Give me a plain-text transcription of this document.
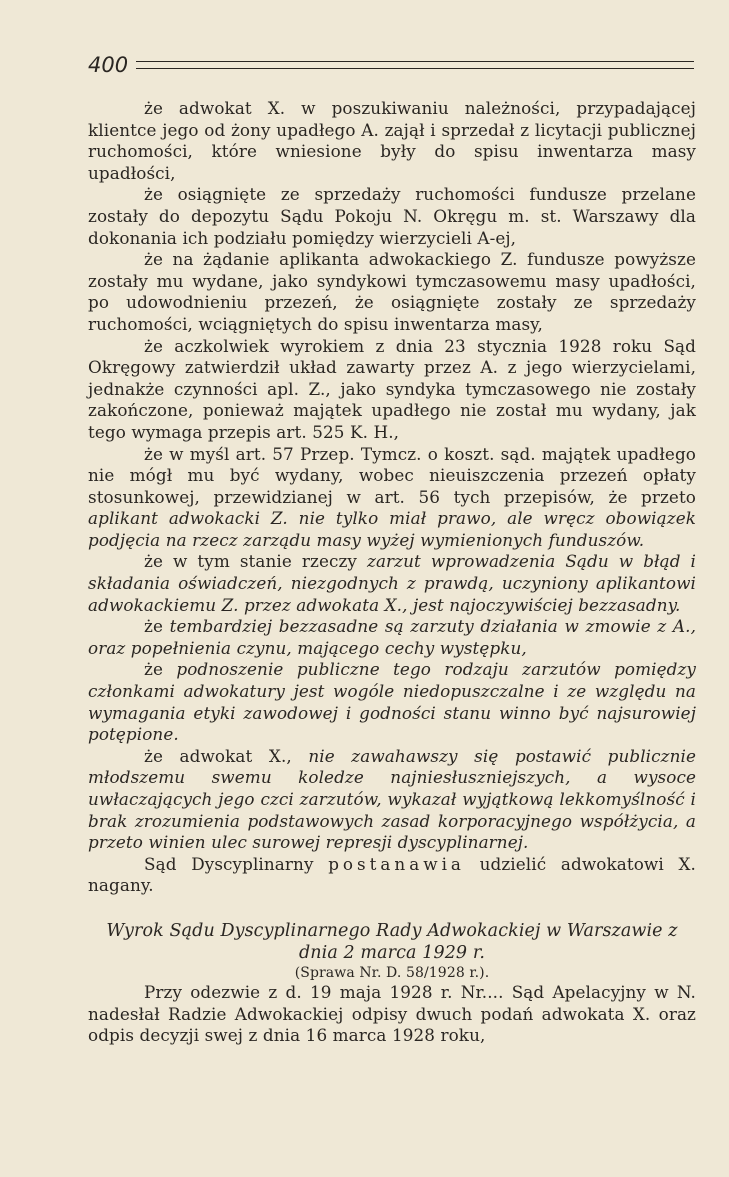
400

że adwokat X. w poszukiwaniu należności, przypadającej klientce jego od żony upadłego A. zajął i sprzedał z licytacji publicznej ruchomości, które wniesione były do spisu inwentarza masy upadłości,

że osiągnięte ze sprzedaży ruchomości fundusze przelane zostały do depozytu Sądu Pokoju N. Okręgu m. st. Warszawy dla dokonania ich podziału pomiędzy wierzycieli A-ej,

że na żądanie aplikanta adwokackiego Z. fundusze powyższe zostały mu wydane, jako syndykowi tymczasowemu masy upadłości, po udowodnieniu przezeń, że osiągnięte zostały ze sprzedaży ruchomości, wciągniętych do spisu inwentarza masy,

że aczkolwiek wyrokiem z dnia 23 stycznia 1928 roku Sąd Okręgowy zatwierdził układ zawarty przez A. z jego wierzycielami, jednakże czynności apl. Z., jako syndyka tymczasowego nie zostały zakończone, ponieważ majątek upadłego nie został mu wydany, jak tego wymaga przepis art. 525 K. H.,

że w myśl art. 57 Przep. Tymcz. o koszt. sąd. majątek upadłego nie mógł mu być wydany, wobec nieuiszczenia przezeń opłaty stosunkowej, przewidzianej w art. 56 tych przepisów, że przeto aplikant adwokacki Z. nie tylko miał prawo, ale wręcz obowiązek podjęcia na rzecz zarządu masy wyżej wymienionych funduszów.

że w tym stanie rzeczy zarzut wprowadzenia Sądu w błąd i składania oświadczeń, niezgodnych z prawdą, uczyniony aplikantowi adwokackiemu Z. przez adwokata X., jest najoczywiściej bezzasadny.

że tembardziej bezzasadne są zarzuty działania w zmowie z A., oraz popełnienia czynu, mającego cechy występku,

że podnoszenie publiczne tego rodzaju zarzutów pomiędzy członkami adwokatury jest wogóle niedopuszczalne i ze względu na wymagania etyki zawodowej i godności stanu winno być najsurowiej potępione.

że adwokat X., nie zawahawszy się postawić publicznie młodszemu swemu koledze najniesłuszniejszych, a wysoce uwłaczających jego czci zarzutów, wykazał wyjątkową lekkomyślność i brak zrozumienia podstawowych zasad korporacyjnego współżycia, a przeto winien ulec surowej represji dyscyplinarnej.

Sąd Dyscyplinarny postanawia udzielić adwokatowi X. nagany.

Wyrok Sądu Dyscyplinarnego Rady Adwokackiej w Warszawie z dnia 2 marca 1929 r.

(Sprawa Nr. D. 58/1928 r.).

Przy odezwie z d. 19 maja 1928 r. Nr.... Sąd Apelacyjny w N. nadesłał Radzie Adwokackiej odpisy dwuch podań adwokata X. oraz odpis decyzji swej z dnia 16 marca 1928 roku,
